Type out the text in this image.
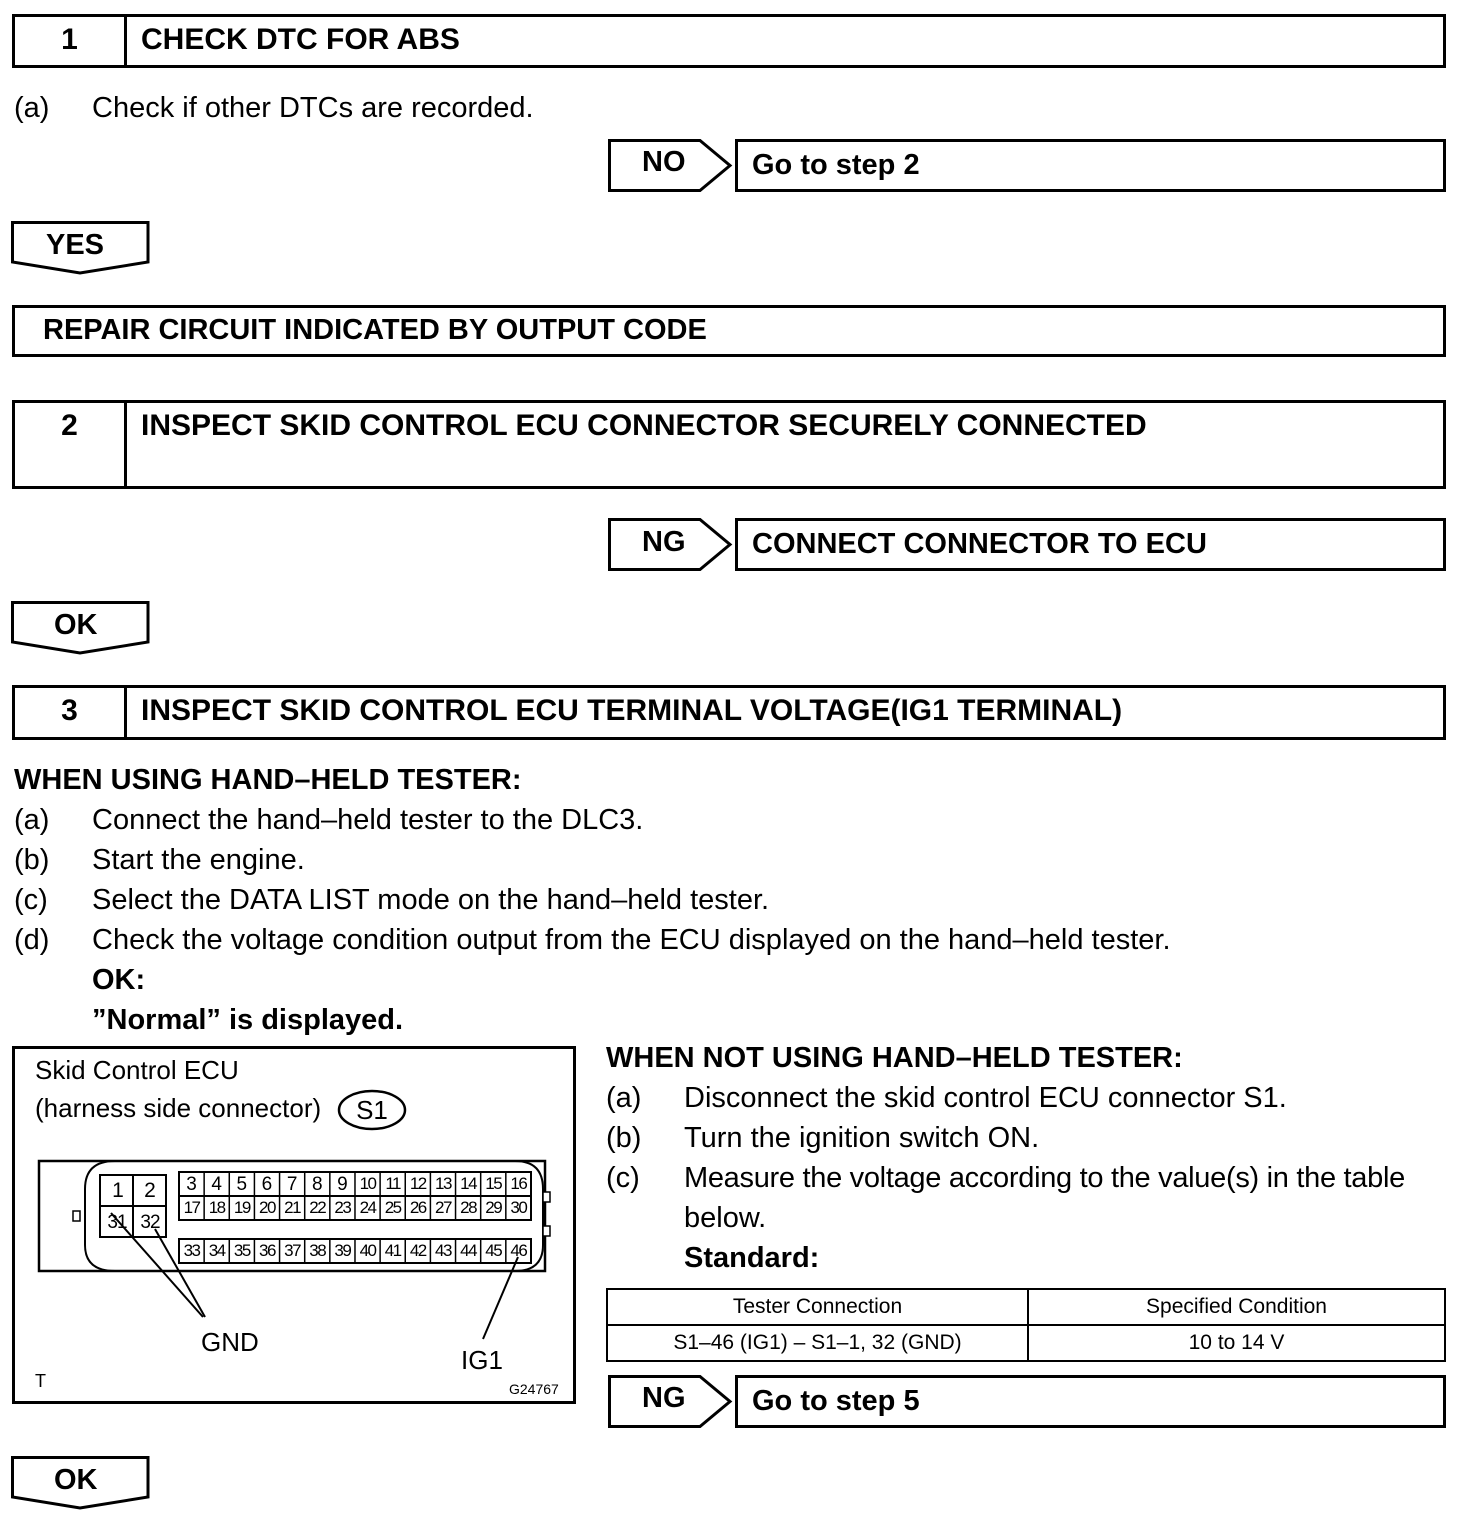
1	CHECK DTC FOR ABS
(a) Check if other DTCs are recorded.
NO Go to step 2
YES
REPAIR CIRCUIT INDICATED BY OUTPUT CODE
2	INSPECT SKID CONTROL ECU CONNECTOR SECURELY CONNECTED
NG CONNECT CONNECTOR TO ECU
OK
3	INSPECT SKID CONTROL ECU TERMINAL VOLTAGE(IG1 TERMINAL)
WHEN USING HAND–HELD TESTER:
(a) Connect the hand–held tester to the DLC3.
(b) Start the engine.
(c) Select the DATA LIST mode on the hand–held tester.
(d) Check the voltage condition output from the ECU displayed on the hand–held tester.
OK:
”Normal” is displayed.
Skid Control ECU
(harness side connector)	S1
1 2
31 32
3 4 5 6 7 8 9 10 11 12 13 14 15 16
17 18 19 20 21 22 23 24 25 26 27 28 29 30
33 34 35 36 37 38 39 40 41 42 43 44 45 46
GND
IG1
T	G24767
WHEN NOT USING HAND–HELD TESTER:
(a) Disconnect the skid control ECU connector S1.
(b) Turn the ignition switch ON.
(c) Measure the voltage according to the value(s) in the table
below.
Standard:
Tester Connection	Specified Condition
S1–46 (IG1) – S1–1, 32 (GND)	10 to 14 V
NG Go to step 5
OK
